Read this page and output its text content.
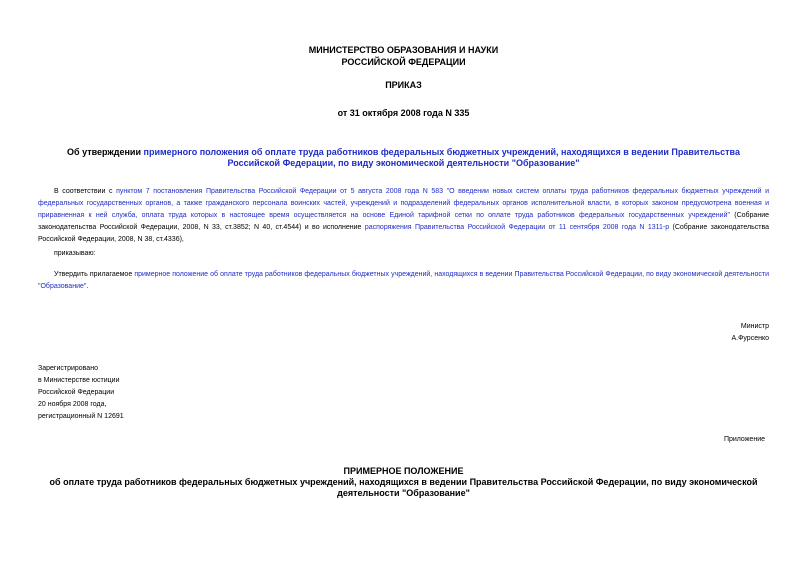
МИНИСТЕРСТВО ОБРАЗОВАНИЯ И НАУКИ
РОССИЙСКОЙ ФЕДЕРАЦИИ
ПРИКАЗ
от 31 октября 2008 года N 335
Об утверждении примерного положения об оплате труда работников федеральных бюджетных учреждений, находящихся в ведении Правительства Российской Федерации, по виду экономической деятельности "Образование"
В соответствии с пунктом 7 постановления Правительства Российской Федерации от 5 августа 2008 года N 583 "О введении новых систем оплаты труда работников федеральных бюджетных учреждений и федеральных государственных органов, а также гражданского персонала воинских частей, учреждений и подразделений федеральных органов исполнительной власти, в которых законом предусмотрена военная и приравненная к ней служба, оплата труда которых в настоящее время осуществляется на основе Единой тарифной сетки по оплате труда работников федеральных государственных учреждений" (Собрание законодательства Российской Федерации, 2008, N 33, ст.3852; N 40, ст.4544) и во исполнение распоряжения Правительства Российской Федерации от 11 сентября 2008 года N 1311-р (Собрание законодательства Российской Федерации, 2008, N 38, ст.4336),
приказываю:
Утвердить прилагаемое примерное положение об оплате труда работников федеральных бюджетных учреждений, находящихся в ведении Правительства Российской Федерации, по виду экономической деятельности "Образование".
Министр
А.Фурсенко
Зарегистрировано
в Министерстве юстиции
Российской Федерации
20 ноября 2008 года,
регистрационный N 12691
Приложение
ПРИМЕРНОЕ ПОЛОЖЕНИЕ
об оплате труда работников федеральных бюджетных учреждений, находящихся в ведении Правительства Российской Федерации, по виду экономической деятельности "Образование"
